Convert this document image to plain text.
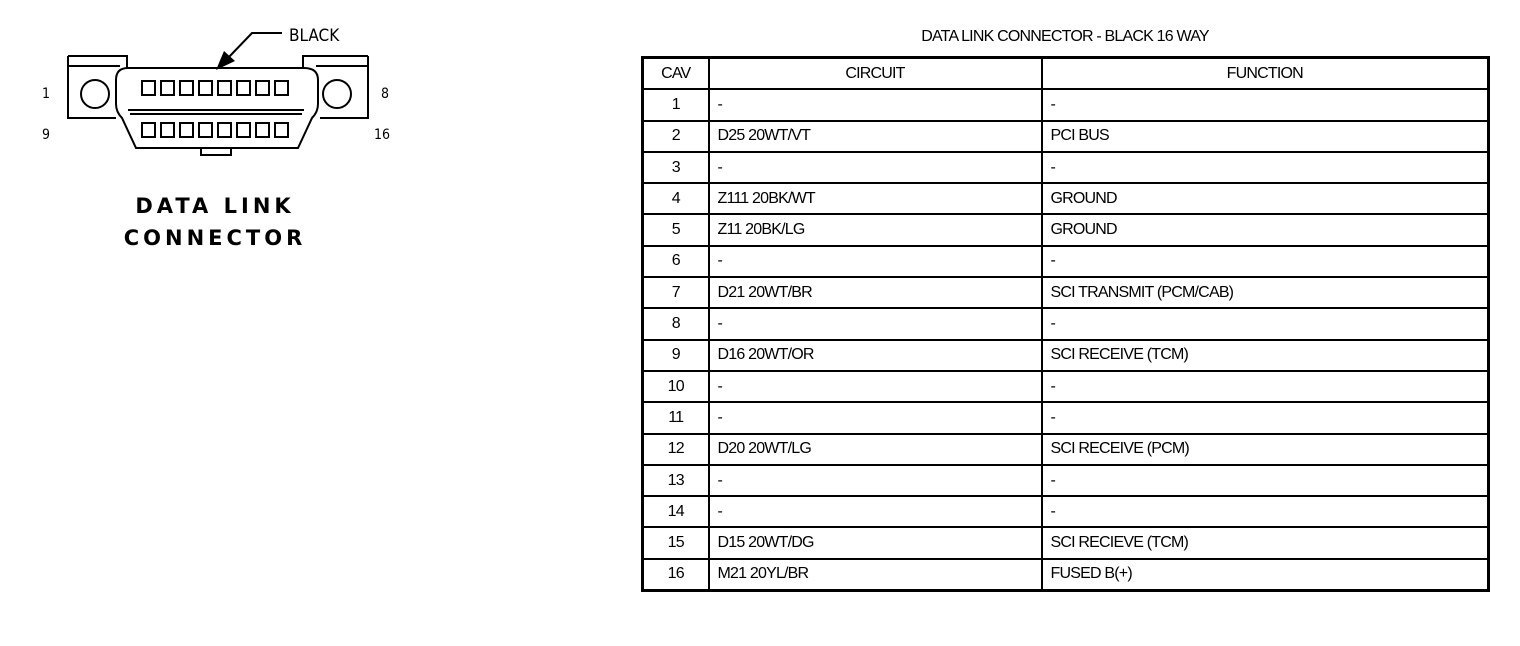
BLACK
1	8
9	16
DATA LINK
CONNECTOR
DATA LINK CONNECTOR - BLACK 16 WAY
CAV	CIRCUIT	FUNCTION
1	-	-
2	D25 20WT/VT	PCI BUS
3	-	-
4	Z111 20BK/WT	GROUND
5	Z11 20BK/LG	GROUND
6	-	-
7	D21 20WT/BR	SCI TRANSMIT (PCM/CAB)
8	-	-
9	D16 20WT/OR	SCI RECEIVE (TCM)
10	-	-
11	-	-
12	D20 20WT/LG	SCI RECEIVE (PCM)
13	-	-
14	-	-
15	D15 20WT/DG	SCI RECIEVE (TCM)
16	M21 20YL/BR	FUSED B(+)
